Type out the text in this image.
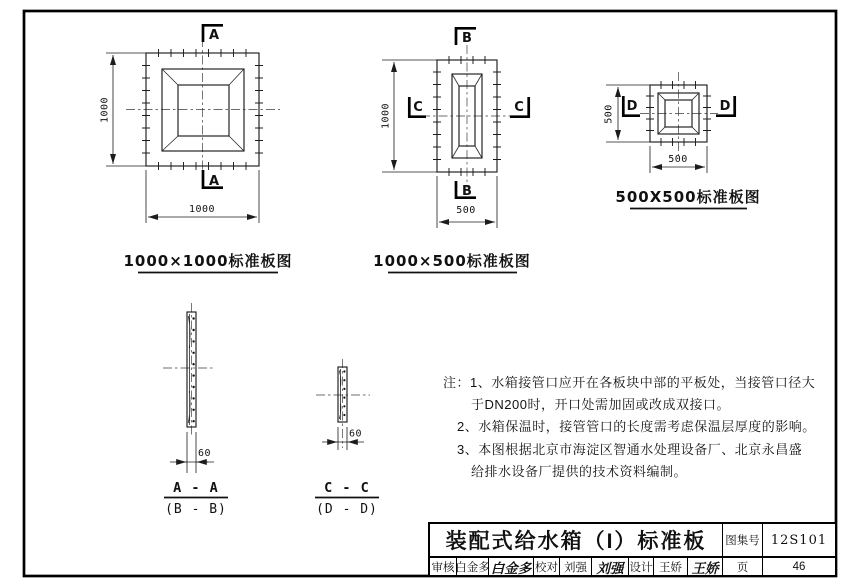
A
A
1000
1000
1000×1000标准板图
B
B
C	C
1000
500
1000×500标准板图
D	D
500
500
500X500标准板图
60
A - A
(B - B)
60
C - C
(D - D)
注：1、水箱接管口应开在各板块中部的平板处，当接管口径大
于DN200时，开口处需加固或改成双接口。
2、水箱保温时，接管管口的长度需考虑保温层厚度的影响。
3、本图根据北京市海淀区智通水处理设备厂、北京永昌盛
给排水设备厂提供的技术资料编制。
装配式给水箱（I）标准板	图集号 12S101
审核 白金多 白金多 校对 刘强 刘强 设计 王娇 王娇	页	46
